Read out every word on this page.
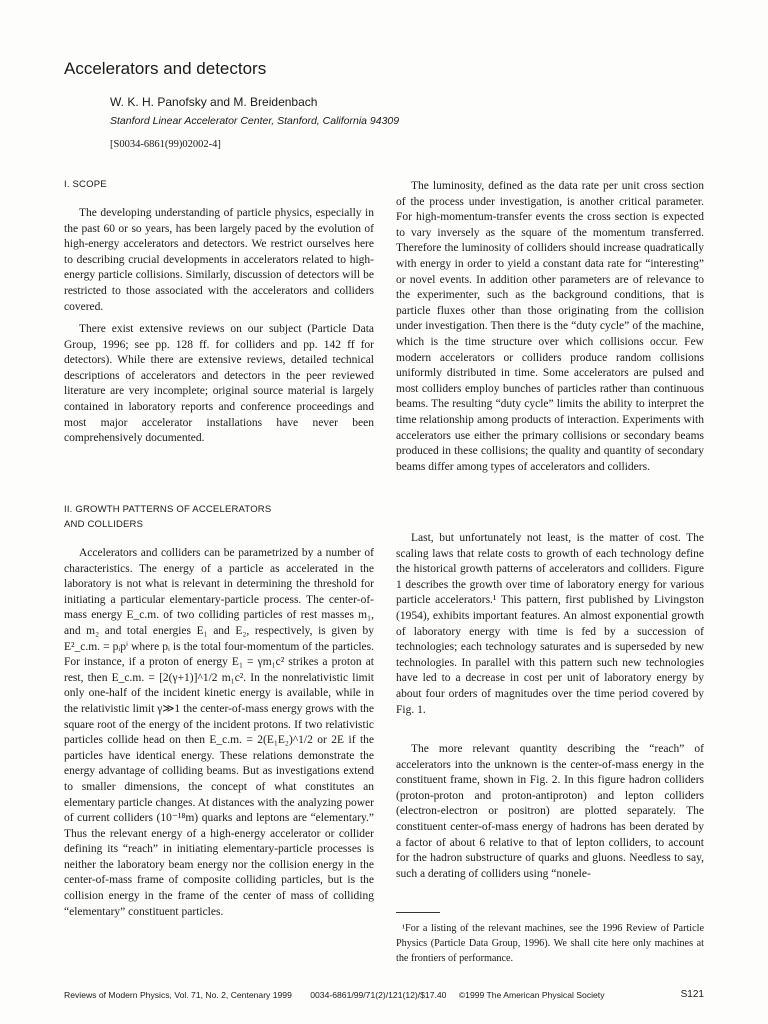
Accelerators and detectors
W. K. H. Panofsky and M. Breidenbach
Stanford Linear Accelerator Center, Stanford, California 94309
[S0034-6861(99)02002-4]
I. SCOPE

The developing understanding of particle physics, especially in the past 60 or so years, has been largely paced by the evolution of high-energy accelerators and detectors. We restrict ourselves here to describing crucial developments in accelerators related to high-energy particle collisions. Similarly, discussion of detectors will be restricted to those associated with the accelerators and colliders covered.

There exist extensive reviews on our subject (Particle Data Group, 1996; see pp. 128 ff. for colliders and pp. 142 ff for detectors). While there are extensive reviews, detailed technical descriptions of accelerators and detectors in the peer reviewed literature are very incomplete; original source material is largely contained in laboratory reports and conference proceedings and most major accelerator installations have never been comprehensively documented.

II. GROWTH PATTERNS OF ACCELERATORS
AND COLLIDERS

Accelerators and colliders can be parametrized by a number of characteristics. The energy of a particle as accelerated in the laboratory is not what is relevant in determining the threshold for initiating a particular elementary-particle process. The center-of-mass energy E_c.m. of two colliding particles of rest masses m₁, and m₂ and total energies E₁ and E₂, respectively, is given by E²_c.m. = pᵢpⁱ where pᵢ is the total four-momentum of the particles. For instance, if a proton of energy E₁ = γm₁c² strikes a proton at rest, then E_c.m. = [2(γ+1)]^1/2 m₁c². In the nonrelativistic limit only one-half of the incident kinetic energy is available, while in the relativistic limit γ≫1 the center-of-mass energy grows with the square root of the energy of the incident protons. If two relativistic particles collide head on then E_c.m. = 2(E₁E₂)^1/2 or 2E if the particles have identical energy. These relations demonstrate the energy advantage of colliding beams. But as investigations extend to smaller dimensions, the concept of what constitutes an elementary particle changes. At distances with the analyzing power of current colliders (10⁻¹⁸m) quarks and leptons are “elementary.” Thus the relevant energy of a high-energy accelerator or collider defining its “reach” in initiating elementary-particle processes is neither the laboratory beam energy nor the collision energy in the center-of-mass frame of composite colliding particles, but is the collision energy in the frame of the center of mass of colliding “elementary” constituent particles.

The luminosity, defined as the data rate per unit cross section of the process under investigation, is another critical parameter. For high-momentum-transfer events the cross section is expected to vary inversely as the square of the momentum transferred. Therefore the luminosity of colliders should increase quadratically with energy in order to yield a constant data rate for “interesting” or novel events. In addition other parameters are of relevance to the experimenter, such as the background conditions, that is particle fluxes other than those originating from the collision under investigation. Then there is the “duty cycle” of the machine, which is the time structure over which collisions occur. Few modern accelerators or colliders produce random collisions uniformly distributed in time. Some accelerators are pulsed and most colliders employ bunches of particles rather than continuous beams. The resulting “duty cycle” limits the ability to interpret the time relationship among products of interaction. Experiments with accelerators use either the primary collisions or secondary beams produced in these collisions; the quality and quantity of secondary beams differ among types of accelerators and colliders.

Last, but unfortunately not least, is the matter of cost. The scaling laws that relate costs to growth of each technology define the historical growth patterns of accelerators and colliders. Figure 1 describes the growth over time of laboratory energy for various particle accelerators.¹ This pattern, first published by Livingston (1954), exhibits important features. An almost exponential growth of laboratory energy with time is fed by a succession of technologies; each technology saturates and is superseded by new technologies. In parallel with this pattern such new technologies have led to a decrease in cost per unit of laboratory energy by about four orders of magnitudes over the time period covered by Fig. 1.

The more relevant quantity describing the “reach” of accelerators into the unknown is the center-of-mass energy in the constituent frame, shown in Fig. 2. In this figure hadron colliders (proton-proton and proton-antiproton) and lepton colliders (electron-electron or positron) are plotted separately. The constituent center-of-mass energy of hadrons has been derated by a factor of about 6 relative to that of lepton colliders, to account for the hadron substructure of quarks and gluons. Needless to say, such a derating of colliders using “nonele-

¹For a listing of the relevant machines, see the 1996 Review of Particle Physics (Particle Data Group, 1996). We shall cite here only machines at the frontiers of performance.

Reviews of Modern Physics, Vol. 71, No. 2, Centenary 1999 0034-6861/99/71(2)/121(12)/$17.40 ©1999 The American Physical Society	S121
